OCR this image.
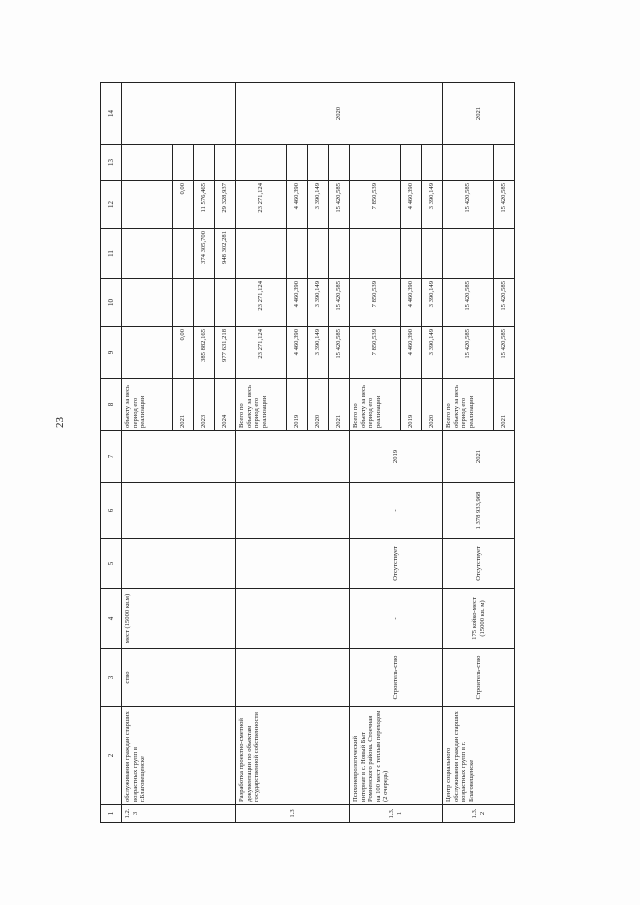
23
1	2	3	4	5	6	7	8	9	10	11	12	13	14
1.2.3	обслуживания граждан старших возрастных групп в г.Благовещенске	ство	мест (15000 кв.м)				объекту за весь период его реализации						
							2021	0,00			0,00		
							2023	385 882,165		374 305,700	11 576,465		
							2024	977 631,218		948 302,281	29 328,937		
1.3	Разработка проектно-сметной документации по объектам государственной собственности						Всего по объекту за весь период его реализации	23 271,124	23 271,124		23 271,124		2020
							2019	4 460,390	4 460,390		4 460,390		
							2020	3 390,149	3 390,149		3 390,149		
							2021	15 420,585	15 420,585		15 420,585		
1.3.1	Психоневрологический интернат в с. Новый Быт Ромненского района. Стоечная на 100 мест с теплым переходом (2 очередь)	Строитель-ство	-	Отсутствует	-	2019	Всего по объекту за весь период его реализации	7 850,539	7 850,539		7 850,539		
							2019	4 460,390	4 460,390		4 460,390		
							2020	3 390,149	3 390,149		3 390,149		
1.3.2	Центр социального обслуживания граждан старших возрастных групп в г. Благовещенске	Строитель-ство	175 койко-мест (15000 кв. м)	Отсутствует	1 378 933,968	2021	Всего по объекту за весь период его реализации	15 420,585	15 420,585		15 420,585		2021
							2021	15 420,585	15 420,585		15 420,585		
